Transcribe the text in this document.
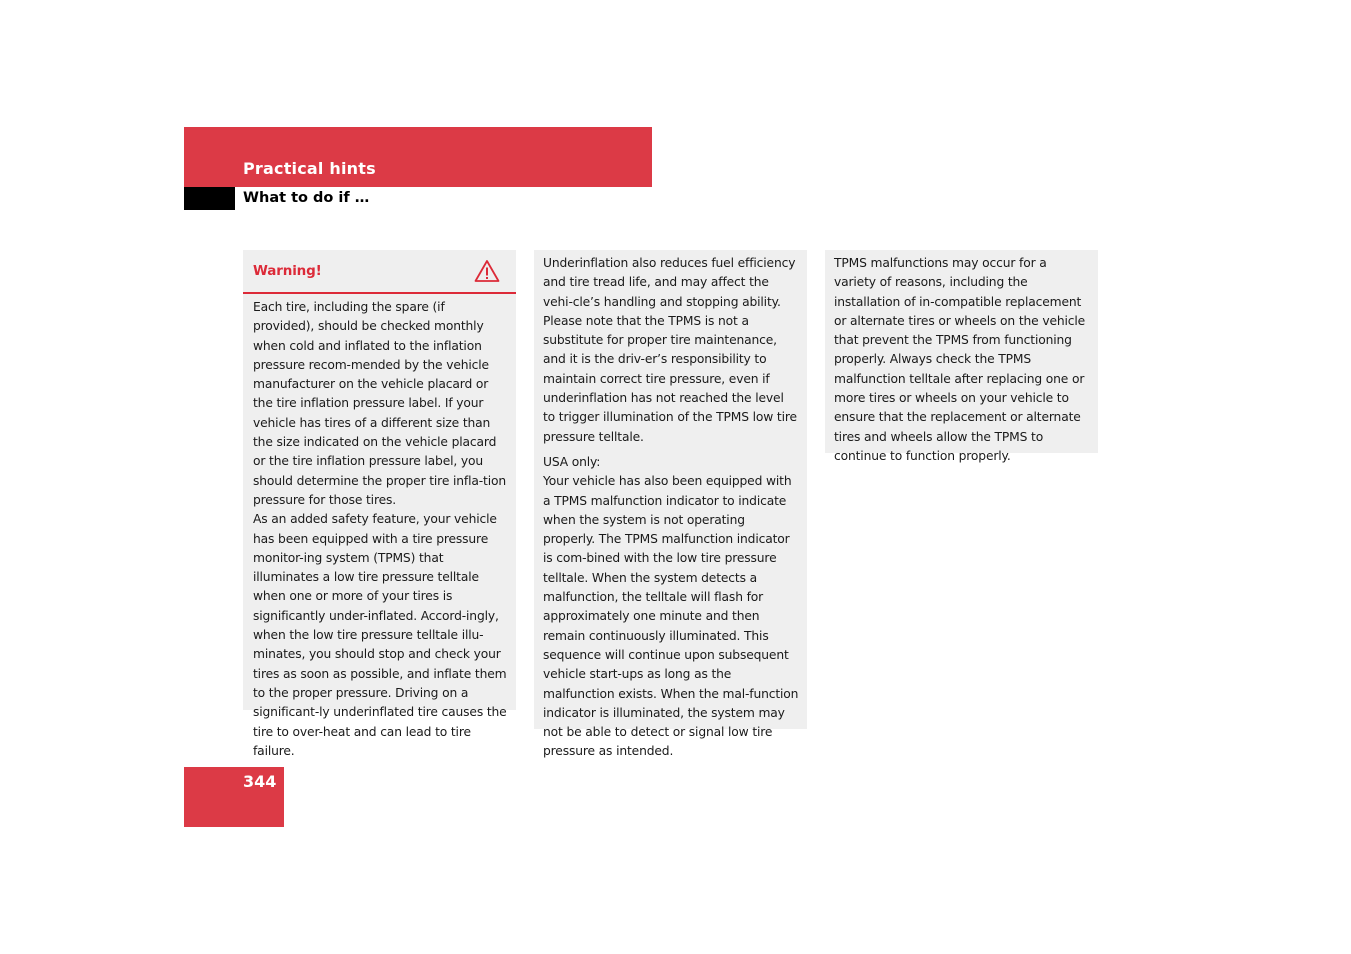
Practical hints
What to do if …
Warning!

Each tire, including the spare (if provided), should be checked monthly when cold and inflated to the inflation pressure recom-mended by the vehicle manufacturer on the vehicle placard or the tire inflation pressure label. If your vehicle has tires of a different size than the size indicated on the vehicle placard or the tire inflation pressure label, you should determine the proper tire infla-tion pressure for those tires.

As an added safety feature, your vehicle has been equipped with a tire pressure monitor-ing system (TPMS) that illuminates a low tire pressure telltale when one or more of your tires is significantly under-inflated. Accord-ingly, when the low tire pressure telltale illu-minates, you should stop and check your tires as soon as possible, and inflate them to the proper pressure. Driving on a significant-ly underinflated tire causes the tire to over-heat and can lead to tire failure.

Underinflation also reduces fuel efficiency and tire tread life, and may affect the vehi-cle’s handling and stopping ability. Please note that the TPMS is not a substitute for proper tire maintenance, and it is the driv-er’s responsibility to maintain correct tire pressure, even if underinflation has not reached the level to trigger illumination of the TPMS low tire pressure telltale.

USA only:

Your vehicle has also been equipped with a TPMS malfunction indicator to indicate when the system is not operating properly. The TPMS malfunction indicator is com-bined with the low tire pressure telltale. When the system detects a malfunction, the telltale will flash for approximately one minute and then remain continuously illuminated. This sequence will continue upon subsequent vehicle start-ups as long as the malfunction exists. When the mal-function indicator is illuminated, the system may not be able to detect or signal low tire pressure as intended.

TPMS malfunctions may occur for a variety of reasons, including the installation of in-compatible replacement or alternate tires or wheels on the vehicle that prevent the TPMS from functioning properly. Always check the TPMS malfunction telltale after replacing one or more tires or wheels on your vehicle to ensure that the replacement or alternate tires and wheels allow the TPMS to continue to function properly.

344
